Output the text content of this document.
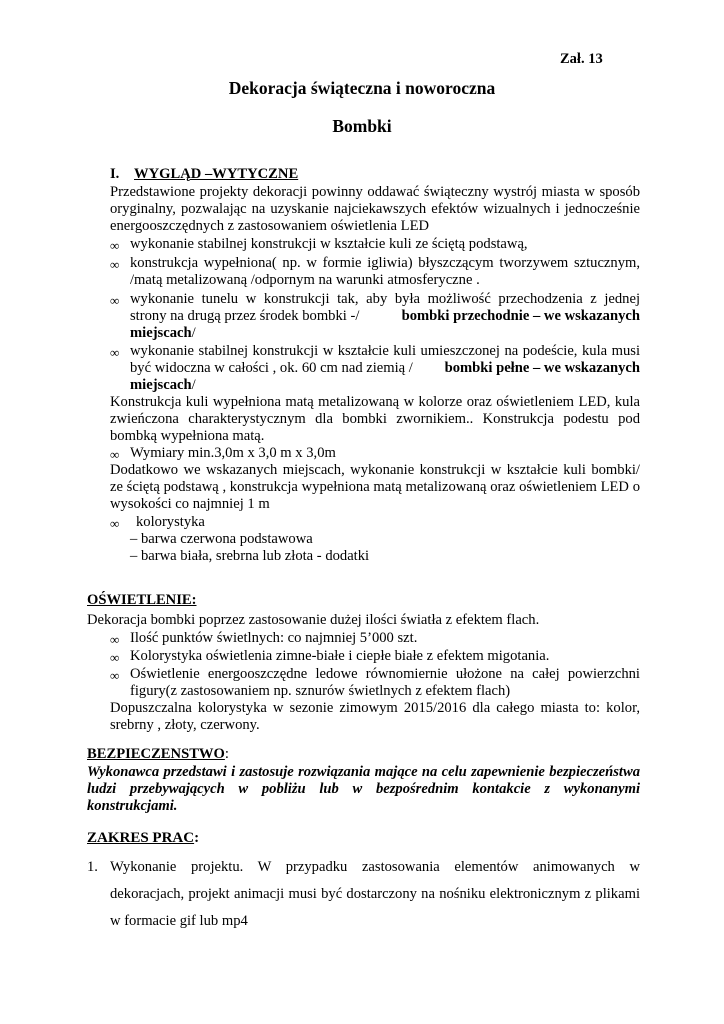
Zał. 13
Dekoracja świąteczna i noworoczna
Bombki
I. WYGLĄD –WYTYCZNE
Przedstawione projekty dekoracji powinny oddawać świąteczny wystrój miasta w sposób
oryginalny, pozwalając na uzyskanie najciekawszych efektów wizualnych i jednocześnie
energooszczędnych z zastosowaniem oświetlenia LED
∞ wykonanie stabilnej konstrukcji w kształcie kuli ze ściętą podstawą,
∞ konstrukcja wypełniona( np. w formie igliwia) błyszczącym tworzywem sztucznym,
/matą metalizowaną /odpornym na warunki atmosferyczne .
∞ wykonanie tunelu w konstrukcji tak, aby była możliwość przechodzenia z jednej
strony na drugą przez środek bombki -/	bombki przechodnie – we wskazanych
miejscach/
∞ wykonanie stabilnej konstrukcji w kształcie kuli umieszczonej na podeście, kula musi
być widoczna w całości , ok. 60 cm nad ziemią / bombki pełne – we wskazanych
miejscach/
Konstrukcja kuli wypełniona matą metalizowaną w kolorze oraz oświetleniem LED, kula
zwieńczona charakterystycznym dla bombki zwornikiem.. Konstrukcja podestu pod
bombką wypełniona matą.
∞ Wymiary min.3,0m x 3,0 m x 3,0m
Dodatkowo we wskazanych miejscach, wykonanie konstrukcji w kształcie kuli bombki/
ze ściętą podstawą , konstrukcja wypełniona matą metalizowaną oraz oświetleniem LED o
wysokości co najmniej 1 m
∞ kolorystyka
– barwa czerwona podstawowa
– barwa biała, srebrna lub złota - dodatki
OŚWIETLENIE:
Dekoracja bombki poprzez zastosowanie dużej ilości światła z efektem flach.
∞ Ilość punktów świetlnych: co najmniej 5’000 szt.
∞ Kolorystyka oświetlenia zimne-białe i ciepłe białe z efektem migotania.
∞ Oświetlenie energooszczędne ledowe równomiernie ułożone na całej powierzchni
figury(z zastosowaniem np. sznurów świetlnych z efektem flach)
Dopuszczalna kolorystyka w sezonie zimowym 2015/2016 dla całego miasta to: kolor,
srebrny , złoty, czerwony.
BEZPIECZENSTWO:
Wykonawca przedstawi i zastosuje rozwiązania mające na celu zapewnienie bezpieczeństwa
ludzi przebywających w pobliżu lub w bezpośrednim kontakcie z wykonanymi
konstrukcjami.
ZAKRES PRAC:
1. Wykonanie projektu. W przypadku zastosowania elementów animowanych w
dekoracjach, projekt animacji musi być dostarczony na nośniku elektronicznym z plikami
w formacie gif lub mp4
